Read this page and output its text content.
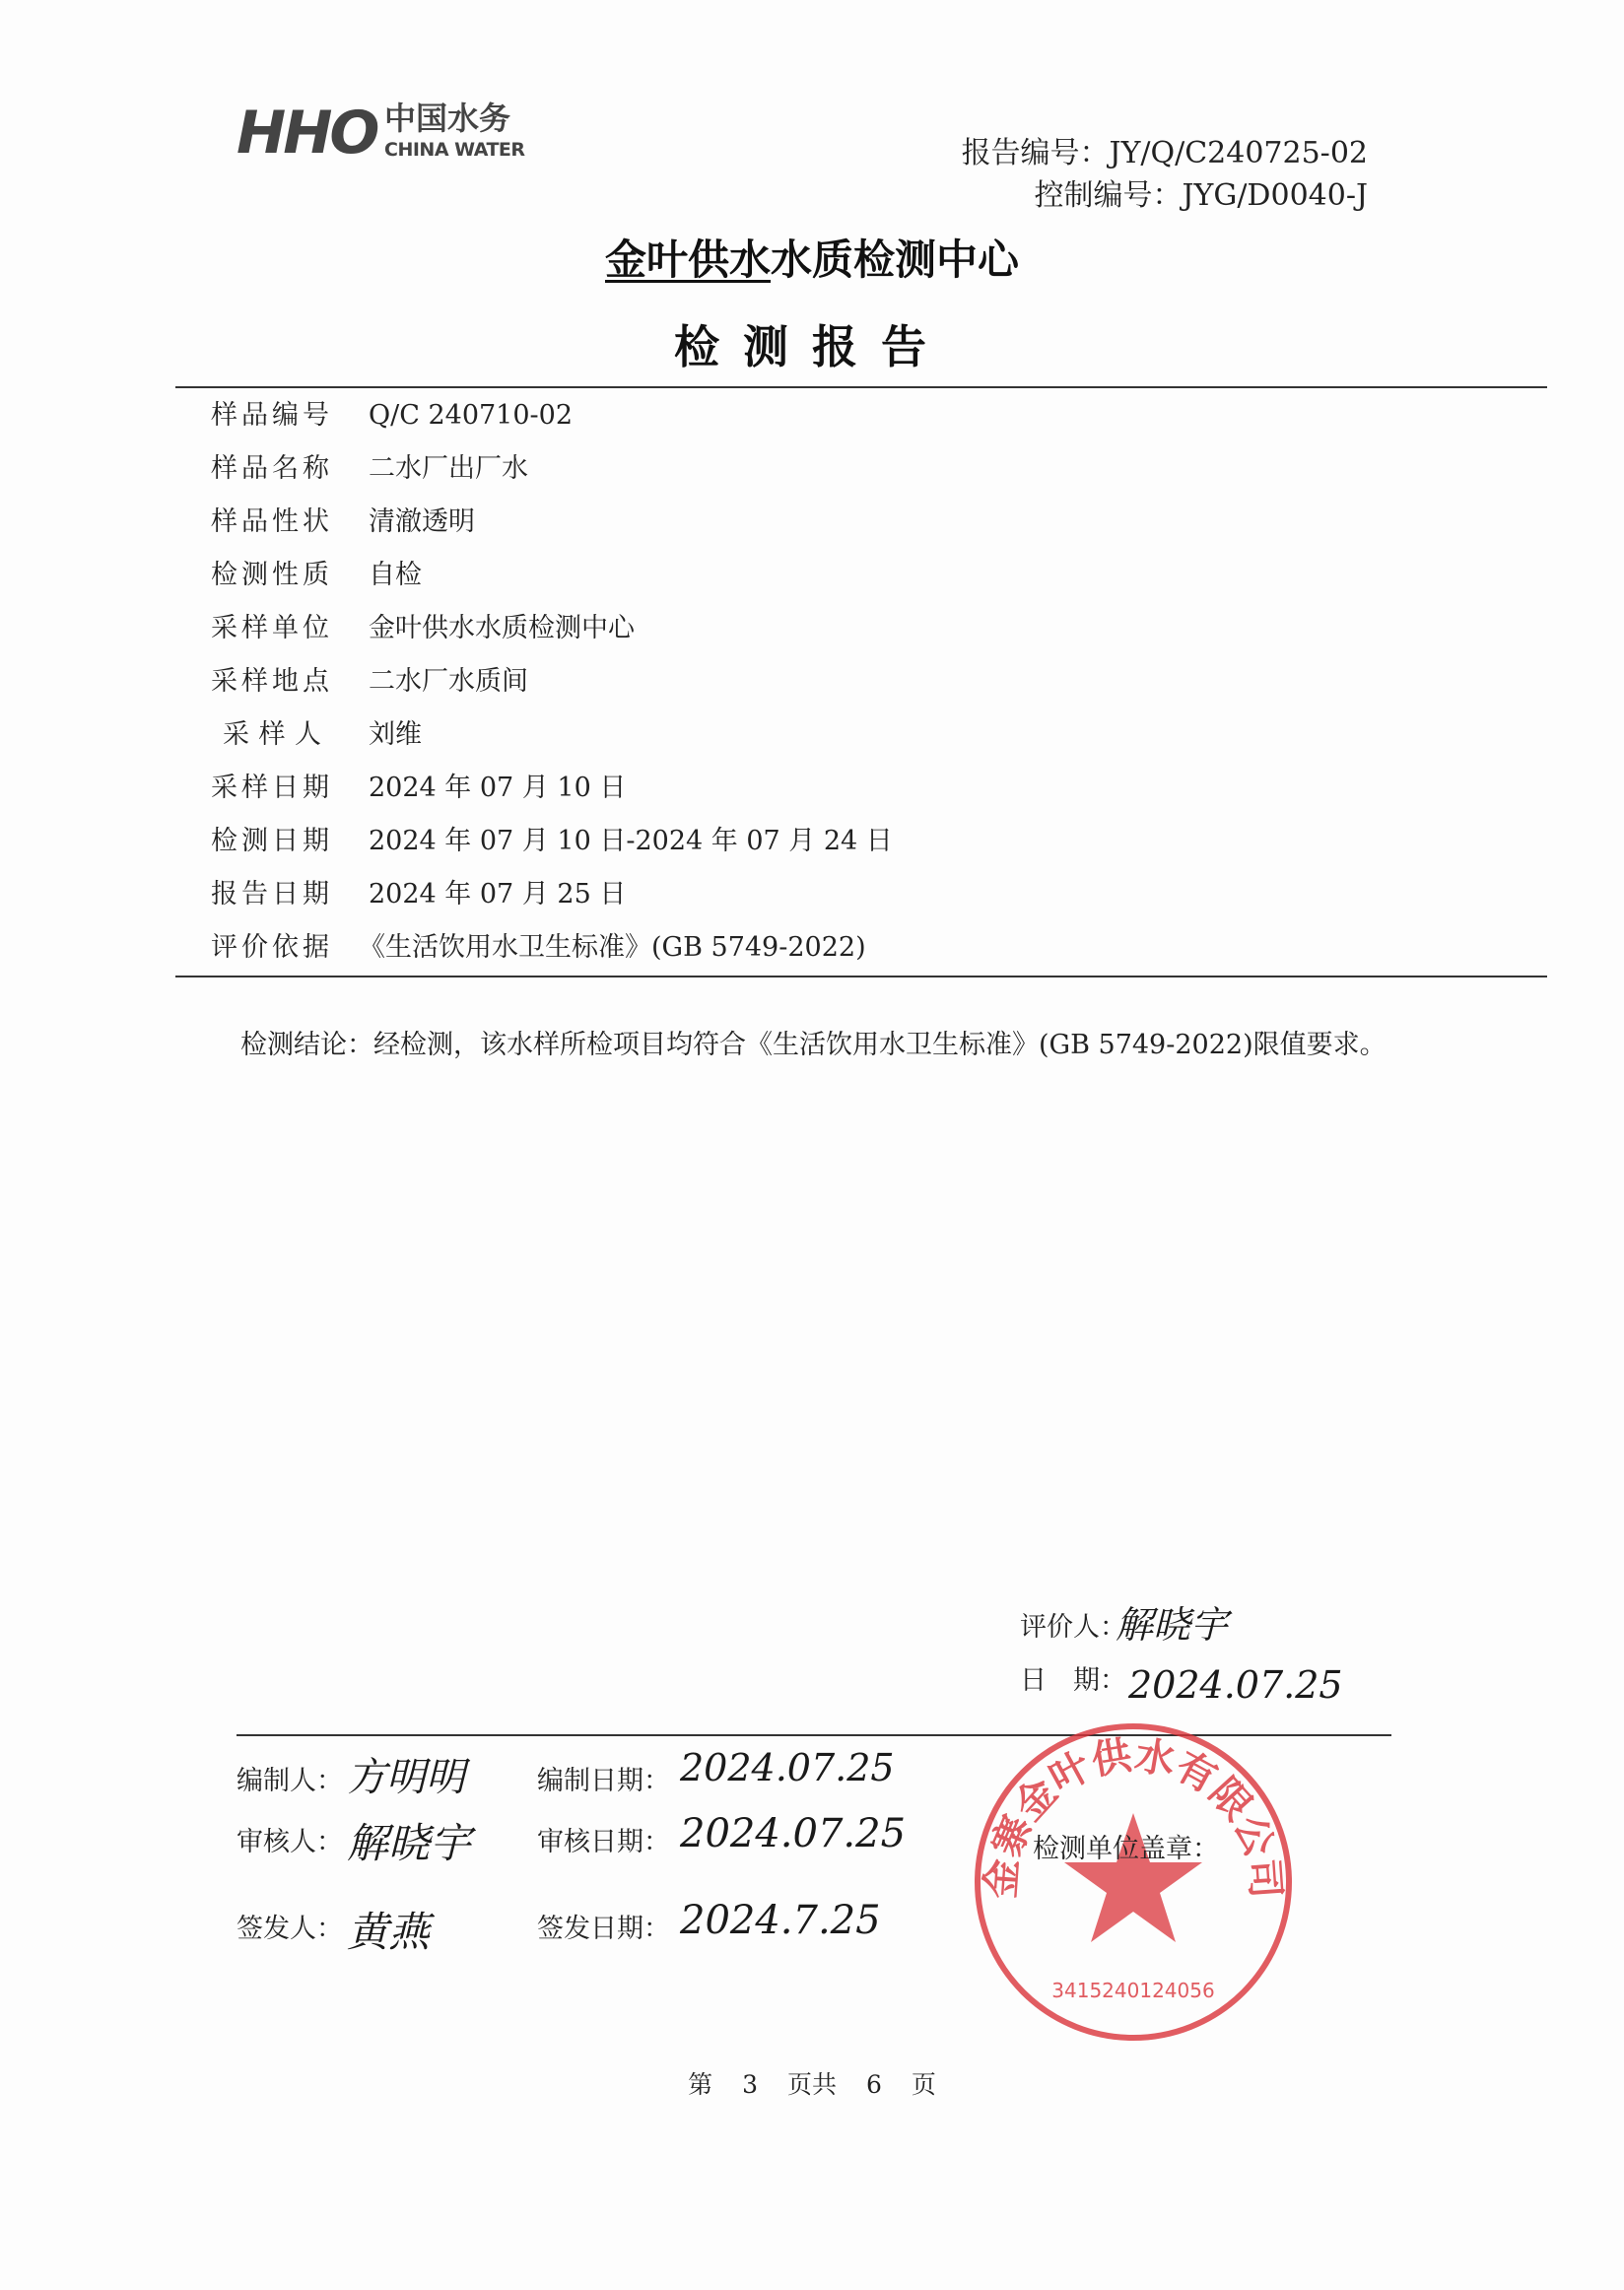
HHO 中国水务
CHINA WATER	报告编号：JY/Q/C240725-02
控制编号：JYG/D0040-J
金叶供水水质检测中心
检测报告
样品编号 Q/C 240710-02
样品名称 二水厂出厂水
样品性状 清澈透明
检测性质 自检
采样单位 金叶供水水质检测中心
采样地点 二水厂水质间
采样人 刘维
采样日期 2024 年 07 月 10 日
检测日期 2024 年 07 月 10 日-2024 年 07 月 24 日
报告日期 2024 年 07 月 25 日
评价依据 《生活饮用水卫生标准》(GB 5749-2022)
检测结论：经检测，该水样所检项目均符合《生活饮用水卫生标准》(GB 5749-2022)限值要求。
评价人：
解晓宇
日　期： 2024.07.25
金寨金叶供水有限公司
3415240124056
编制人： 方明明	编制日期： 2024.07.25
审核人： 解晓宇 审核日期： 2024.07.25	检测单位盖章：
签发人： 黄燕	签发日期： 2024.7.25
第 3 页共 6 页
